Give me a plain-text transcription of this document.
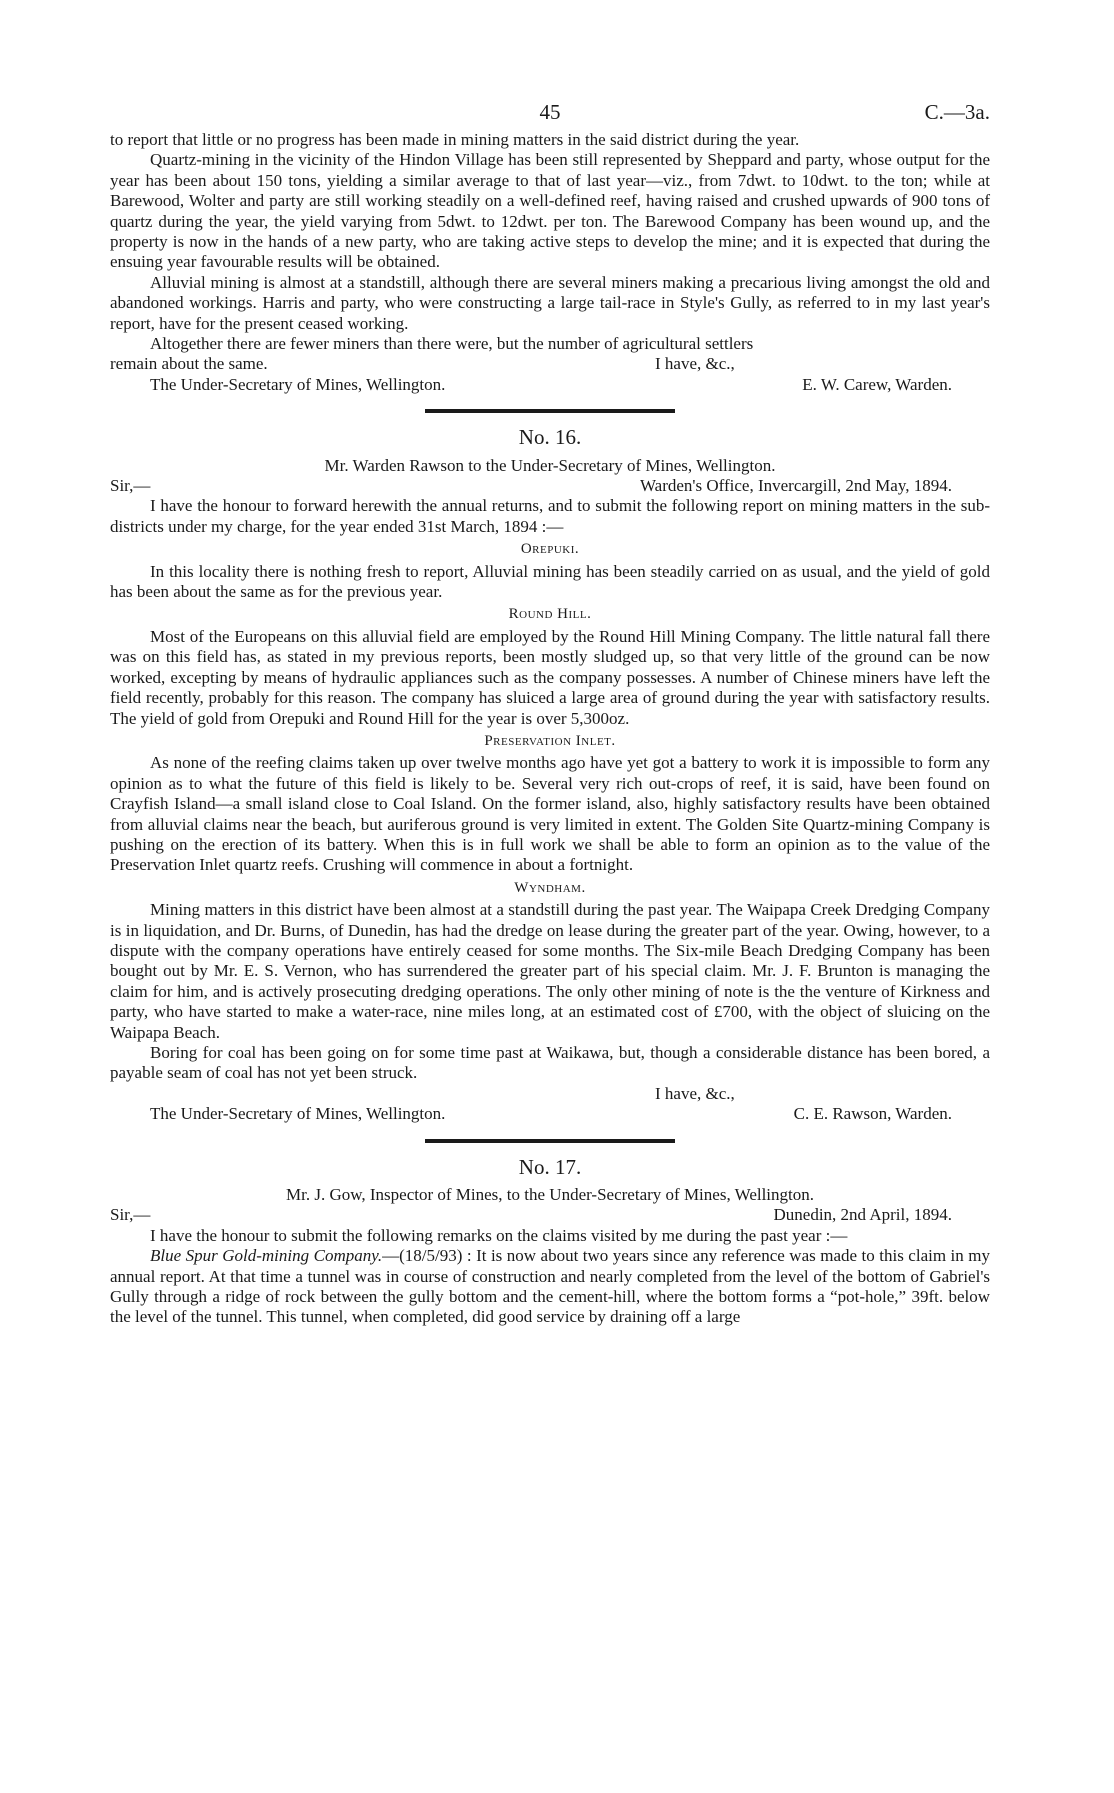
45	C.—3a.

to report that little or no progress has been made in mining matters in the said district during the year.

Quartz-mining in the vicinity of the Hindon Village has been still represented by Sheppard and party, whose output for the year has been about 150 tons, yielding a similar average to that of last year—viz., from 7dwt. to 10dwt. to the ton; while at Barewood, Wolter and party are still working steadily on a well-defined reef, having raised and crushed upwards of 900 tons of quartz during the year, the yield varying from 5dwt. to 12dwt. per ton. The Barewood Company has been wound up, and the property is now in the hands of a new party, who are taking active steps to develop the mine; and it is expected that during the ensuing year favourable results will be obtained.

Alluvial mining is almost at a standstill, although there are several miners making a precarious living amongst the old and abandoned workings. Harris and party, who were constructing a large tail-race in Style's Gully, as referred to in my last year's report, have for the present ceased working.

Altogether there are fewer miners than there were, but the number of agricultural settlers

remain about the same.	I have, &c.,
The Under-Secretary of Mines, Wellington.	E. W. Carew, Warden.
No. 16.
Mr. Warden Rawson to the Under-Secretary of Mines, Wellington.
Sir,—	Warden's Office, Invercargill, 2nd May, 1894.

I have the honour to forward herewith the annual returns, and to submit the following report on mining matters in the sub-districts under my charge, for the year ended 31st March, 1894 :—

Orepuki.

In this locality there is nothing fresh to report, Alluvial mining has been steadily carried on as usual, and the yield of gold has been about the same as for the previous year.

Round Hill.

Most of the Europeans on this alluvial field are employed by the Round Hill Mining Company. The little natural fall there was on this field has, as stated in my previous reports, been mostly sludged up, so that very little of the ground can be now worked, excepting by means of hydraulic appliances such as the company possesses. A number of Chinese miners have left the field recently, probably for this reason. The company has sluiced a large area of ground during the year with satisfactory results. The yield of gold from Orepuki and Round Hill for the year is over 5,300oz.

Preservation Inlet.

As none of the reefing claims taken up over twelve months ago have yet got a battery to work it is impossible to form any opinion as to what the future of this field is likely to be. Several very rich out-crops of reef, it is said, have been found on Crayfish Island—a small island close to Coal Island. On the former island, also, highly satisfactory results have been obtained from alluvial claims near the beach, but auriferous ground is very limited in extent. The Golden Site Quartz-mining Company is pushing on the erection of its battery. When this is in full work we shall be able to form an opinion as to the value of the Preservation Inlet quartz reefs. Crushing will commence in about a fortnight.

Wyndham.

Mining matters in this district have been almost at a standstill during the past year. The Waipapa Creek Dredging Company is in liquidation, and Dr. Burns, of Dunedin, has had the dredge on lease during the greater part of the year. Owing, however, to a dispute with the company operations have entirely ceased for some months. The Six-mile Beach Dredging Company has been bought out by Mr. E. S. Vernon, who has surrendered the greater part of his special claim. Mr. J. F. Brunton is managing the claim for him, and is actively prosecuting dredging operations. The only other mining of note is the the venture of Kirkness and party, who have started to make a water-race, nine miles long, at an estimated cost of £700, with the object of sluicing on the Waipapa Beach.

Boring for coal has been going on for some time past at Waikawa, but, though a considerable distance has been bored, a payable seam of coal has not yet been struck.

I have, &c.,
The Under-Secretary of Mines, Wellington.	C. E. Rawson, Warden.
No. 17.
Mr. J. Gow, Inspector of Mines, to the Under-Secretary of Mines, Wellington.
Sir,—	Dunedin, 2nd April, 1894.

I have the honour to submit the following remarks on the claims visited by me during the past year :—

Blue Spur Gold-mining Company.—(18/5/93) : It is now about two years since any reference was made to this claim in my annual report. At that time a tunnel was in course of construction and nearly completed from the level of the bottom of Gabriel's Gully through a ridge of rock between the gully bottom and the cement-hill, where the bottom forms a “pot-hole,” 39ft. below the level of the tunnel. This tunnel, when completed, did good service by draining off a large
